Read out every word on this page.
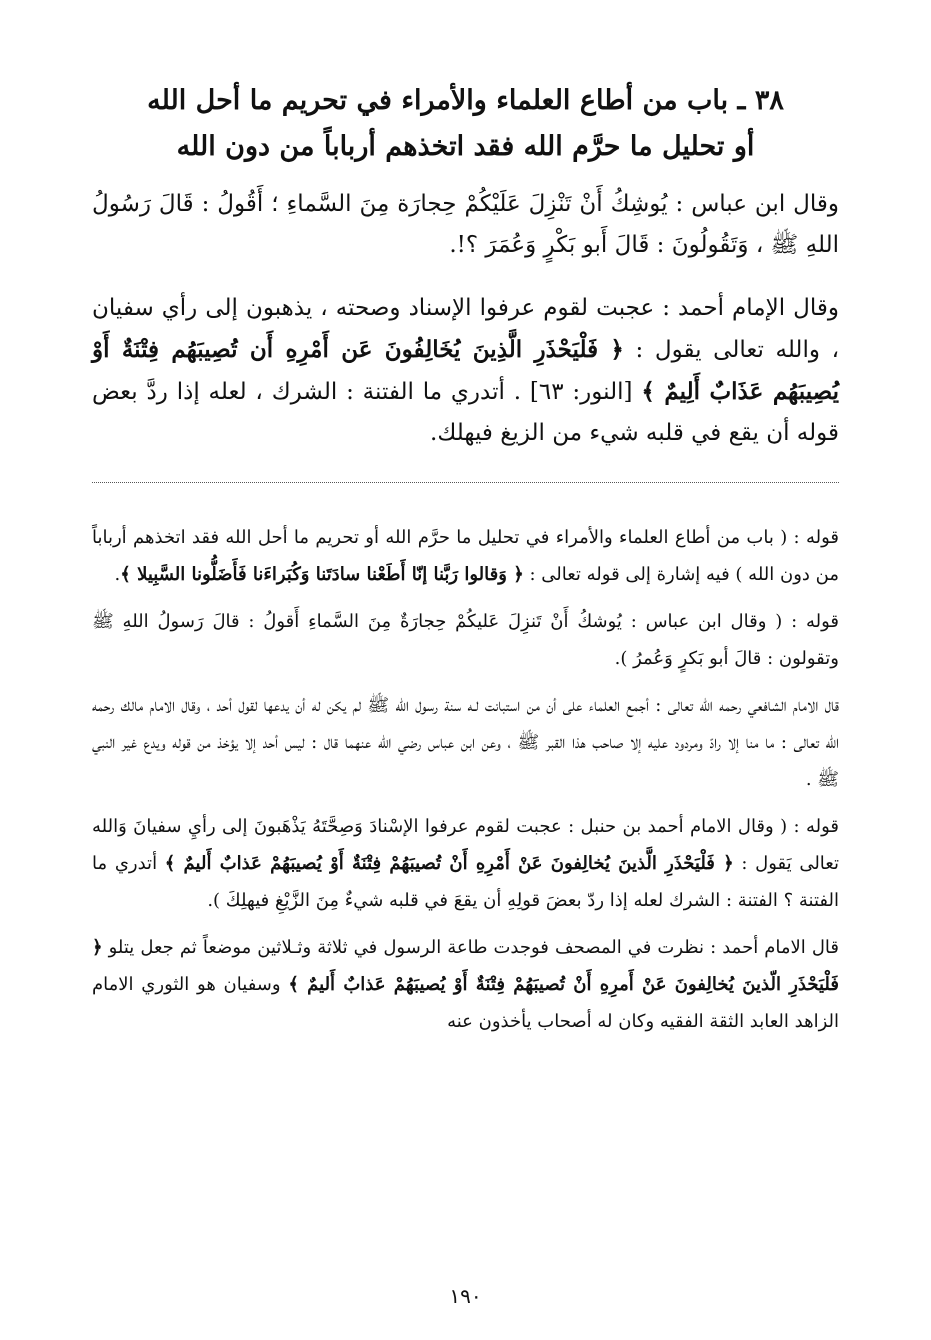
٣٨ ـ باب من أطاع العلماء والأمراء في تحريم ما أحل الله
أو تحليل ما حرَّم الله فقد اتخذهم أرباباً من دون الله

وقال ابن عباس : يُوشِكُ أَنْ تَنْزِلَ عَلَيْكُمْ حِجارَة مِنَ السَّماءِ ؛ أَقُولُ : قَالَ رَسُولُ اللهِ ﷺ ، وَتَقُولُونَ : قَالَ أَبو بَكْرٍ وَعُمَرَ ؟!.

وقال الإمام أحمد : عجبت لقوم عرفوا الإسناد وصحته ، يذهبون إلى رأي سفيان ، والله تعالى يقول : ﴿ فَلْيَحْذَرِ الَّذِينَ يُخَالِفُونَ عَن أَمْرِهِ أَن تُصِيبَهُم فِتْنَةٌ أَوْ يُصِيبَهُم عَذَابٌ أَلِيمٌ ﴾ [النور: ٦٣] . أتدري ما الفتنة : الشرك ، لعله إذا ردَّ بعض قوله أن يقع في قلبه شيء من الزيغ فيهلك.

قوله : ( باب من أطاع العلماء والأمراء في تحليل ما حرَّم الله أو تحريم ما أحل الله فقد اتخذهم أرباباً من دون الله ) فيه إشارة إلى قوله تعالى : ﴿ وَقالوا رَبَّنا إنّا أَطَعْنا سادَتَنا وَكُبَراءَنا فَأَضَلُّونا السَّبِيلا ﴾.

قوله : ( وقال ابن عباس : يُوشكُ أَنْ تَنزِلَ عَليكُمْ حِجارَةٌ مِنَ السَّماءِ أَقولُ : قالَ رَسولُ اللهِ ﷺ وتقولون : قالَ أبو بَكرٍ وَعُمرُ ).

قال الامام الشافعي رحمه الله تعالى : أجمع العلماء على أن من استبانت لـه سنة رسول الله ﷺ لم يكن له أن يدعها لقول أحد ، وقال الامام مالك رحمه الله تعالى : ما منا إلا رادّ ومردود عليه إلا صاحب هذا القبر ﷺ ، وعن ابن عباس رضي الله عنهما قال : ليس أحد إلا يؤخذ من قوله ويدع غير النبي ﷺ .

قوله : ( وقال الامام أحمد بن حنبل : عجبت لقوم عرفوا الإسْنادَ وَصِحَّتَهُ يَذْهَبونَ إلى رأيِ سفيانَ وَالله تعالى يَقول : ﴿ فَلْيَحْذَرِ الَّذينَ يُخالِفونَ عَنْ أَمْرِهِ أَنْ تُصيبَهُمْ فِتْنَةٌ أَوْ يُصيبَهُمْ عَذابٌ أَليمٌ ﴾ أتدري ما الفتنة ؟ الفتنة : الشرك لعله إذا ردّ بعضَ قولِهِ أن يقعَ في قلبه شيءٌ مِنَ الزَّيْغِ فيهلِكَ ).

قال الامام أحمد : نظرت في المصحف فوجدت طاعة الرسول في ثلاثة وثـلاثين موضعاً ثم جعل يتلو ﴿ فَلْيَحْذَرِ الّذينَ يُخالِفونَ عَنْ أَمرِهِ أَنْ تُصيبَهُمْ فِتْنَةٌ أَوْ يُصيبَهُمْ عَذابٌ أَليمٌ ﴾ وسفيان هو الثوري الامام الزاهد العابد الثقة الفقيه وكان له أصحاب يأخذون عنه

١٩٠
